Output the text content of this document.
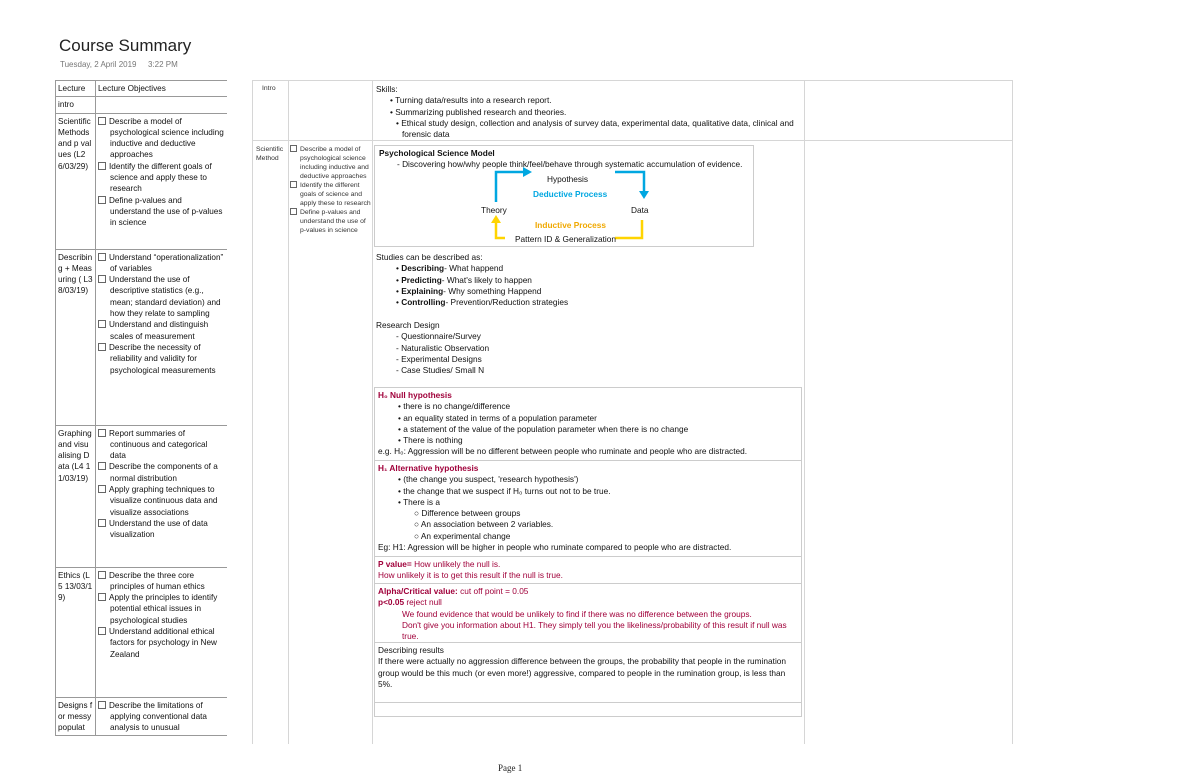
Course Summary
Tuesday, 2 April 2019 3:22 PM
Lecture	Lecture Objectives
intro	
Scientific Methods and p values (L2 6/03/29)	Describe a model of psychological science including inductive and deductive approaches
Identify the different goals of science and apply these to research
Define p-values and understand the use of p-values in science

Describing + Measuring ( L3 8/03/19)	Understand “operationalization” of variables
Understand the use of descriptive statistics (e.g., mean; standard deviation) and how they relate to sampling
Understand and distinguish scales of measurement
Describe the necessity of reliability and validity for psychological measurements

Graphing and visualising Data (L4 11/03/19)	Report summaries of continuous and categorical data
Describe the components of a normal distribution
Apply graphing techniques to visualize continuous data and visualize associations
Understand the use of data visualization

Ethics (L5 13/03/19)	Describe the three core principles of human ethics
Apply the principles to identify potential ethical issues in psychological studies
Understand additional ethical factors for psychology in New Zealand

Designs for messy populat	Describe the limitations of applying conventional data analysis to unusual
Intro
Scientific Method
Describe a model of psychological science including inductive and deductive approaches
Identify the different goals of science and apply these to research
Define p-values and understand the use of p-values in science
Skills:
• Turning data/results into a research report.
• Summarizing published research and theories.
• Ethical study design, collection and analysis of survey data, experimental data, qualitative data, clinical and forensic data
Psychological Science Model
- Discovering how/why people think/feel/behave through systematic accumulation of evidence.
Hypothesis
Deductive Process
Theory	Data
Inductive Process
Pattern ID & Generalization
Studies can be described as:
• Describing- What happend
• Predicting- What's likely to happen
• Explaining- Why something Happend
• Controlling- Prevention/Reduction strategies
Research Design
- Questionnaire/Survey
- Naturalistic Observation
- Experimental Designs
- Case Studies/ Small N
H₀ Null hypothesis
• there is no change/difference
• an equality stated in terms of a population parameter
• a statement of the value of the population parameter when there is no change
• There is nothing
e.g. H₀: Aggression will be no different between people who ruminate and people who are distracted.
H₁ Alternative hypothesis
• (the change you suspect, 'research hypothesis')
• the change that we suspect if H₀ turns out not to be true.
• There is a
○ Difference between groups
○ An association between 2 variables.
○ An experimental change
Eg: H1: Agression will be higher in people who ruminate compared to people who are distracted.
P value= How unlikely the null is.
How unlikely it is to get this result if the null is true.
Alpha/Critical value: cut off point = 0.05
p<0.05 reject null
We found evidence that would be unlikely to find if there was no difference between the groups.
Don't give you information about H1. They simply tell you the likeliness/probability of this result if null was true.
Describing results
If there were actually no aggression difference between the groups, the probability that people in the rumination group would be this much (or even more!) aggressive, compared to people in the rumination group, is less than 5%.
Page 1
